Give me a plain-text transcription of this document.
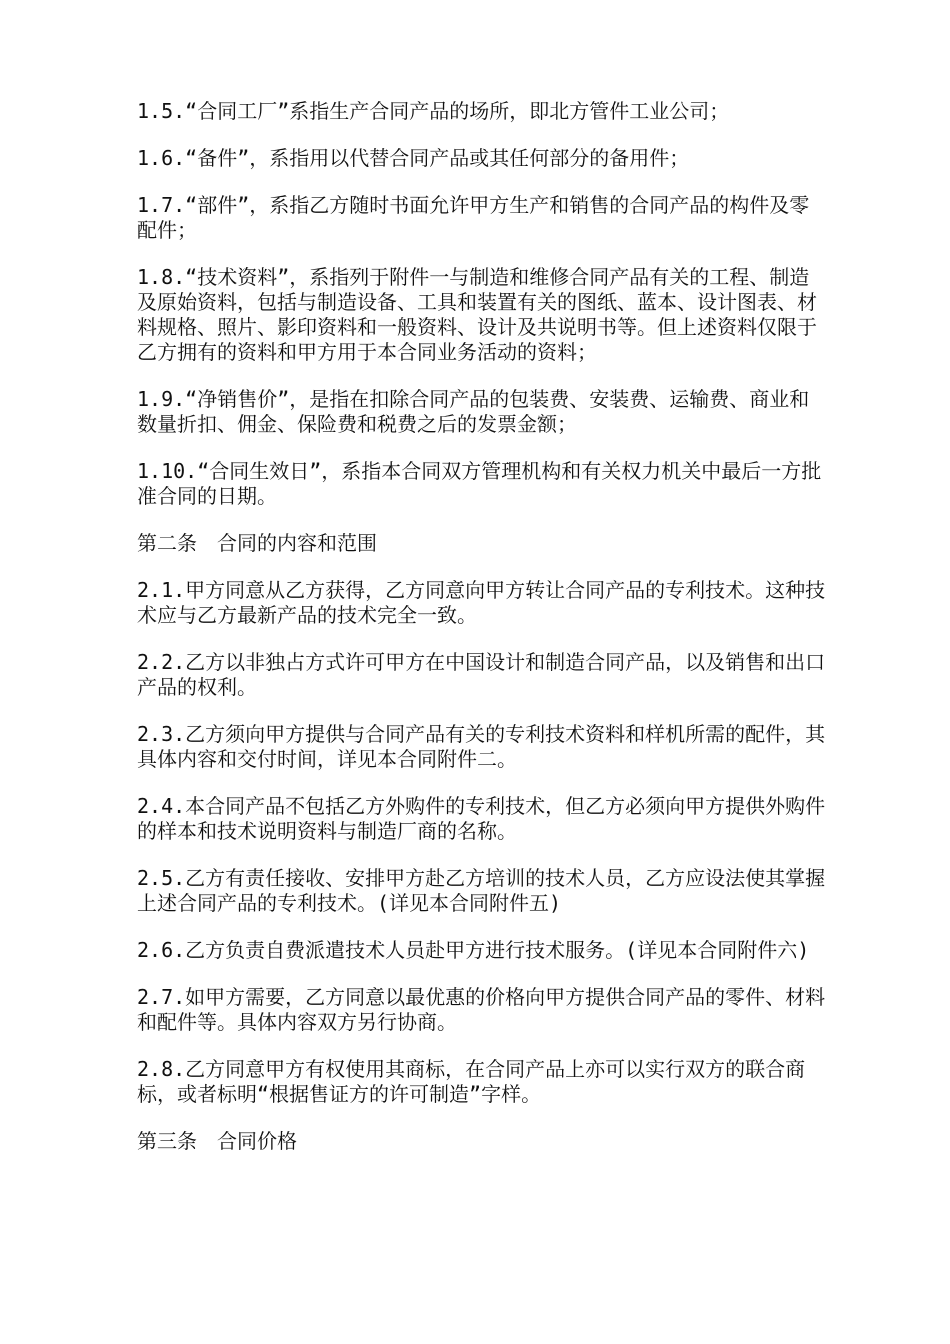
1.5.“合同工厂”系指生产合同产品的场所，即北方管件工业公司；

1.6.“备件”，系指用以代替合同产品或其任何部分的备用件；

1.7.“部件”，系指乙方随时书面允许甲方生产和销售的合同产品的构件及零配件；

1.8.“技术资料”，系指列于附件一与制造和维修合同产品有关的工程、制造及原始资料，包括与制造设备、工具和装置有关的图纸、蓝本、设计图表、材料规格、照片、影印资料和一般资料、设计及共说明书等。但上述资料仅限于乙方拥有的资料和甲方用于本合同业务活动的资料；

1.9.“净销售价”，是指在扣除合同产品的包装费、安装费、运输费、商业和数量折扣、佣金、保险费和税费之后的发票金额；

1.10.“合同生效日”，系指本合同双方管理机构和有关权力机关中最后一方批准合同的日期。

第二条　合同的内容和范围

2.1.甲方同意从乙方获得，乙方同意向甲方转让合同产品的专利技术。这种技术应与乙方最新产品的技术完全一致。

2.2.乙方以非独占方式许可甲方在中国设计和制造合同产品，以及销售和出口产品的权利。

2.3.乙方须向甲方提供与合同产品有关的专利技术资料和样机所需的配件，其具体内容和交付时间，详见本合同附件二。

2.4.本合同产品不包括乙方外购件的专利技术，但乙方必须向甲方提供外购件的样本和技术说明资料与制造厂商的名称。

2.5.乙方有责任接收、安排甲方赴乙方培训的技术人员，乙方应设法使其掌握上述合同产品的专利技术。(详见本合同附件五)

2.6.乙方负责自费派遣技术人员赴甲方进行技术服务。(详见本合同附件六)

2.7.如甲方需要，乙方同意以最优惠的价格向甲方提供合同产品的零件、材料和配件等。具体内容双方另行协商。

2.8.乙方同意甲方有权使用其商标，在合同产品上亦可以实行双方的联合商标，或者标明“根据售证方的许可制造”字样。

第三条　合同价格
